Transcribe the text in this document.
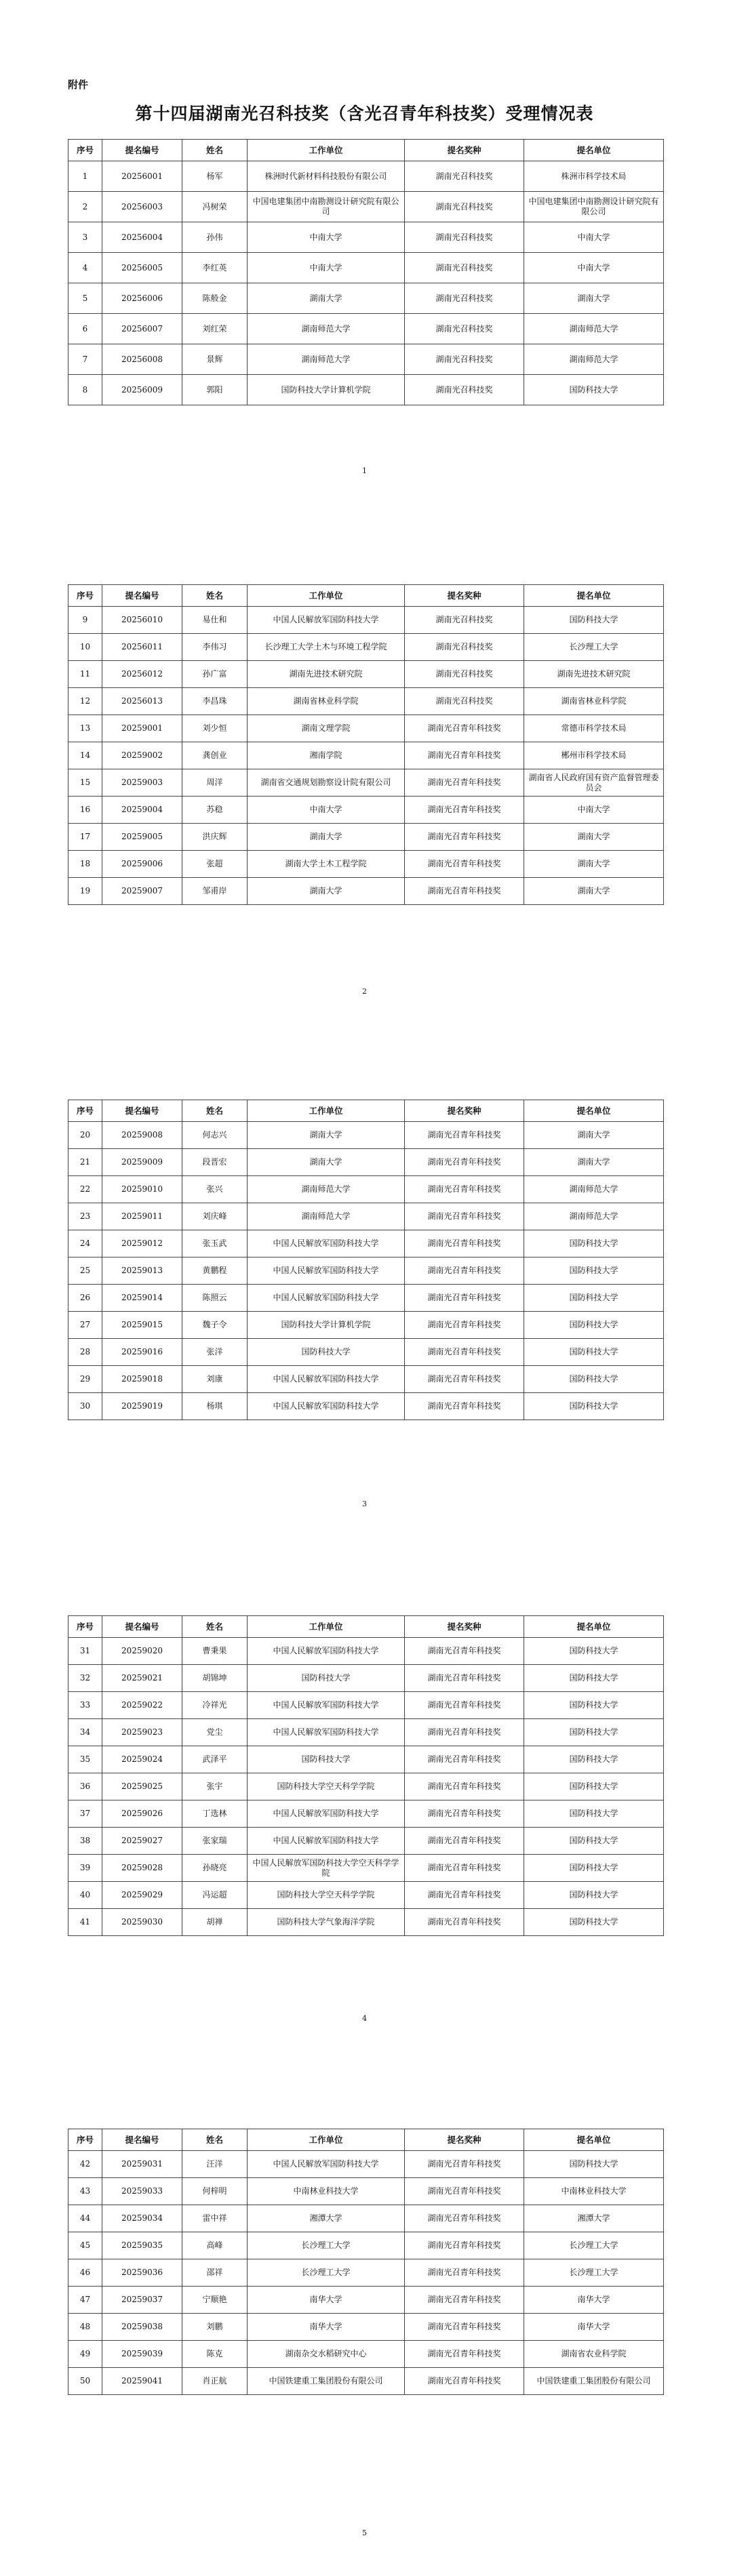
附件
第十四届湖南光召科技奖（含光召青年科技奖）受理情况表
序号	提名编号	姓名	工作单位	提名奖种	提名单位
1	20256001	杨军	株洲时代新材料科技股份有限公司	湖南光召科技奖	株洲市科学技术局
2	20256003	冯树荣	中国电建集团中南勘测设计研究院有限公司	湖南光召科技奖	中国电建集团中南勘测设计研究院有限公司
3	20256004	孙伟	中南大学	湖南光召科技奖	中南大学
4	20256005	李红英	中南大学	湖南光召科技奖	中南大学
5	20256006	陈般金	湖南大学	湖南光召科技奖	湖南大学
6	20256007	刘红荣	湖南师范大学	湖南光召科技奖	湖南师范大学
7	20256008	景辉	湖南师范大学	湖南光召科技奖	湖南师范大学
8	20256009	郭阳	国防科技大学计算机学院	湖南光召科技奖	国防科技大学
1
序号	提名编号	姓名	工作单位	提名奖种	提名单位
9	20256010	易仕和	中国人民解放军国防科技大学	湖南光召科技奖	国防科技大学
10	20256011	李伟习	长沙理工大学土木与环境工程学院	湖南光召科技奖	长沙理工大学
11	20256012	孙广富	湖南先进技术研究院	湖南光召科技奖	湖南先进技术研究院
12	20256013	李昌珠	湖南省林业科学院	湖南光召科技奖	湖南省林业科学院
13	20259001	刘少恒	湖南文理学院	湖南光召青年科技奖	常德市科学技术局
14	20259002	龚创业	湘南学院	湖南光召青年科技奖	郴州市科学技术局
15	20259003	周洋	湖南省交通规划勘察设计院有限公司	湖南光召青年科技奖	湖南省人民政府国有资产监督管理委员会
16	20259004	苏稳	中南大学	湖南光召青年科技奖	中南大学
17	20259005	洪庆辉	湖南大学	湖南光召青年科技奖	湖南大学
18	20259006	张超	湖南大学土木工程学院	湖南光召青年科技奖	湖南大学
19	20259007	邹甫岸	湖南大学	湖南光召青年科技奖	湖南大学
2
序号	提名编号	姓名	工作单位	提名奖种	提名单位
20	20259008	何志兴	湖南大学	湖南光召青年科技奖	湖南大学
21	20259009	段晋宏	湖南大学	湖南光召青年科技奖	湖南大学
22	20259010	张兴	湖南师范大学	湖南光召青年科技奖	湖南师范大学
23	20259011	刘庆峰	湖南师范大学	湖南光召青年科技奖	湖南师范大学
24	20259012	张玉武	中国人民解放军国防科技大学	湖南光召青年科技奖	国防科技大学
25	20259013	黄鹏程	中国人民解放军国防科技大学	湖南光召青年科技奖	国防科技大学
26	20259014	陈照云	中国人民解放军国防科技大学	湖南光召青年科技奖	国防科技大学
27	20259015	魏子令	国防科技大学计算机学院	湖南光召青年科技奖	国防科技大学
28	20259016	张洋	国防科技大学	湖南光召青年科技奖	国防科技大学
29	20259018	刘康	中国人民解放军国防科技大学	湖南光召青年科技奖	国防科技大学
30	20259019	杨琪	中国人民解放军国防科技大学	湖南光召青年科技奖	国防科技大学
3
序号	提名编号	姓名	工作单位	提名奖种	提名单位
31	20259020	曹秉果	中国人民解放军国防科技大学	湖南光召青年科技奖	国防科技大学
32	20259021	胡锦坤	国防科技大学	湖南光召青年科技奖	国防科技大学
33	20259022	冷祥光	中国人民解放军国防科技大学	湖南光召青年科技奖	国防科技大学
34	20259023	党尘	中国人民解放军国防科技大学	湖南光召青年科技奖	国防科技大学
35	20259024	武泽平	国防科技大学	湖南光召青年科技奖	国防科技大学
36	20259025	张宇	国防科技大学空天科学学院	湖南光召青年科技奖	国防科技大学
37	20259026	丁选林	中国人民解放军国防科技大学	湖南光召青年科技奖	国防科技大学
38	20259027	张家瑞	中国人民解放军国防科技大学	湖南光召青年科技奖	国防科技大学
39	20259028	孙晓亮	中国人民解放军国防科技大学空天科学学院	湖南光召青年科技奖	国防科技大学
40	20259029	冯运超	国防科技大学空天科学学院	湖南光召青年科技奖	国防科技大学
41	20259030	胡禅	国防科技大学气象海洋学院	湖南光召青年科技奖	国防科技大学
4
序号	提名编号	姓名	工作单位	提名奖种	提名单位
42	20259031	汪洋	中国人民解放军国防科技大学	湖南光召青年科技奖	国防科技大学
43	20259033	何梓明	中南林业科技大学	湖南光召青年科技奖	中南林业科技大学
44	20259034	雷中祥	湘潭大学	湖南光召青年科技奖	湘潭大学
45	20259035	高峰	长沙理工大学	湖南光召青年科技奖	长沙理工大学
46	20259036	邵祥	长沙理工大学	湖南光召青年科技奖	长沙理工大学
47	20259037	宁顺艳	南华大学	湖南光召青年科技奖	南华大学
48	20259038	刘鹏	南华大学	湖南光召青年科技奖	南华大学
49	20259039	陈克	湖南杂交水稻研究中心	湖南光召青年科技奖	湖南省农业科学院
50	20259041	肖正航	中国铁建重工集团股份有限公司	湖南光召青年科技奖	中国铁建重工集团股份有限公司
5
